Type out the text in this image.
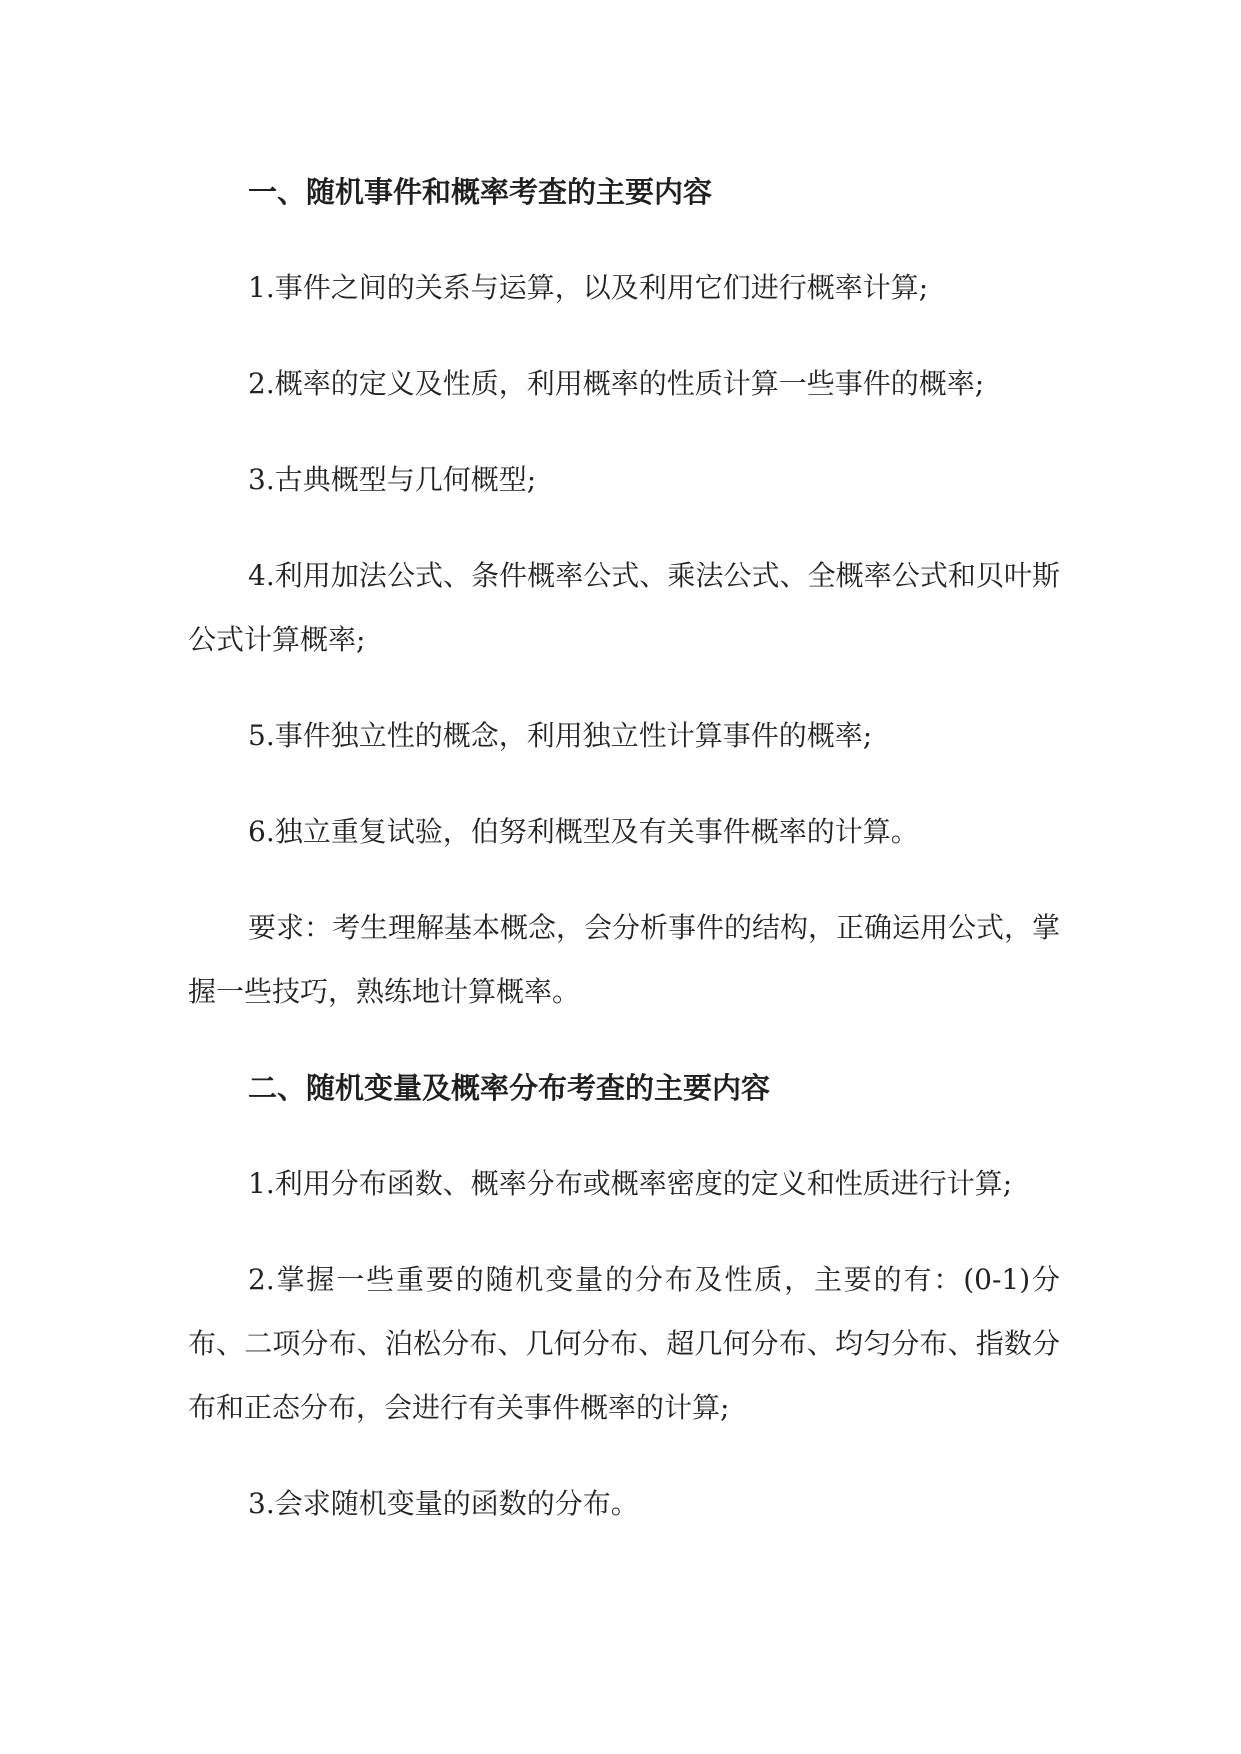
一、随机事件和概率考查的主要内容
1.事件之间的关系与运算，以及利用它们进行概率计算;
2.概率的定义及性质，利用概率的性质计算一些事件的概率;
3.古典概型与几何概型;
4.利用加法公式、条件概率公式、乘法公式、全概率公式和贝叶斯公式计算概率;
5.事件独立性的概念，利用独立性计算事件的概率;
6.独立重复试验，伯努利概型及有关事件概率的计算。
要求：考生理解基本概念，会分析事件的结构，正确运用公式，掌握一些技巧，熟练地计算概率。
二、随机变量及概率分布考查的主要内容
1.利用分布函数、概率分布或概率密度的定义和性质进行计算;
2.掌握一些重要的随机变量的分布及性质，主要的有：(0-1)分布、二项分布、泊松分布、几何分布、超几何分布、均匀分布、指数分布和正态分布，会进行有关事件概率的计算;
3.会求随机变量的函数的分布。
